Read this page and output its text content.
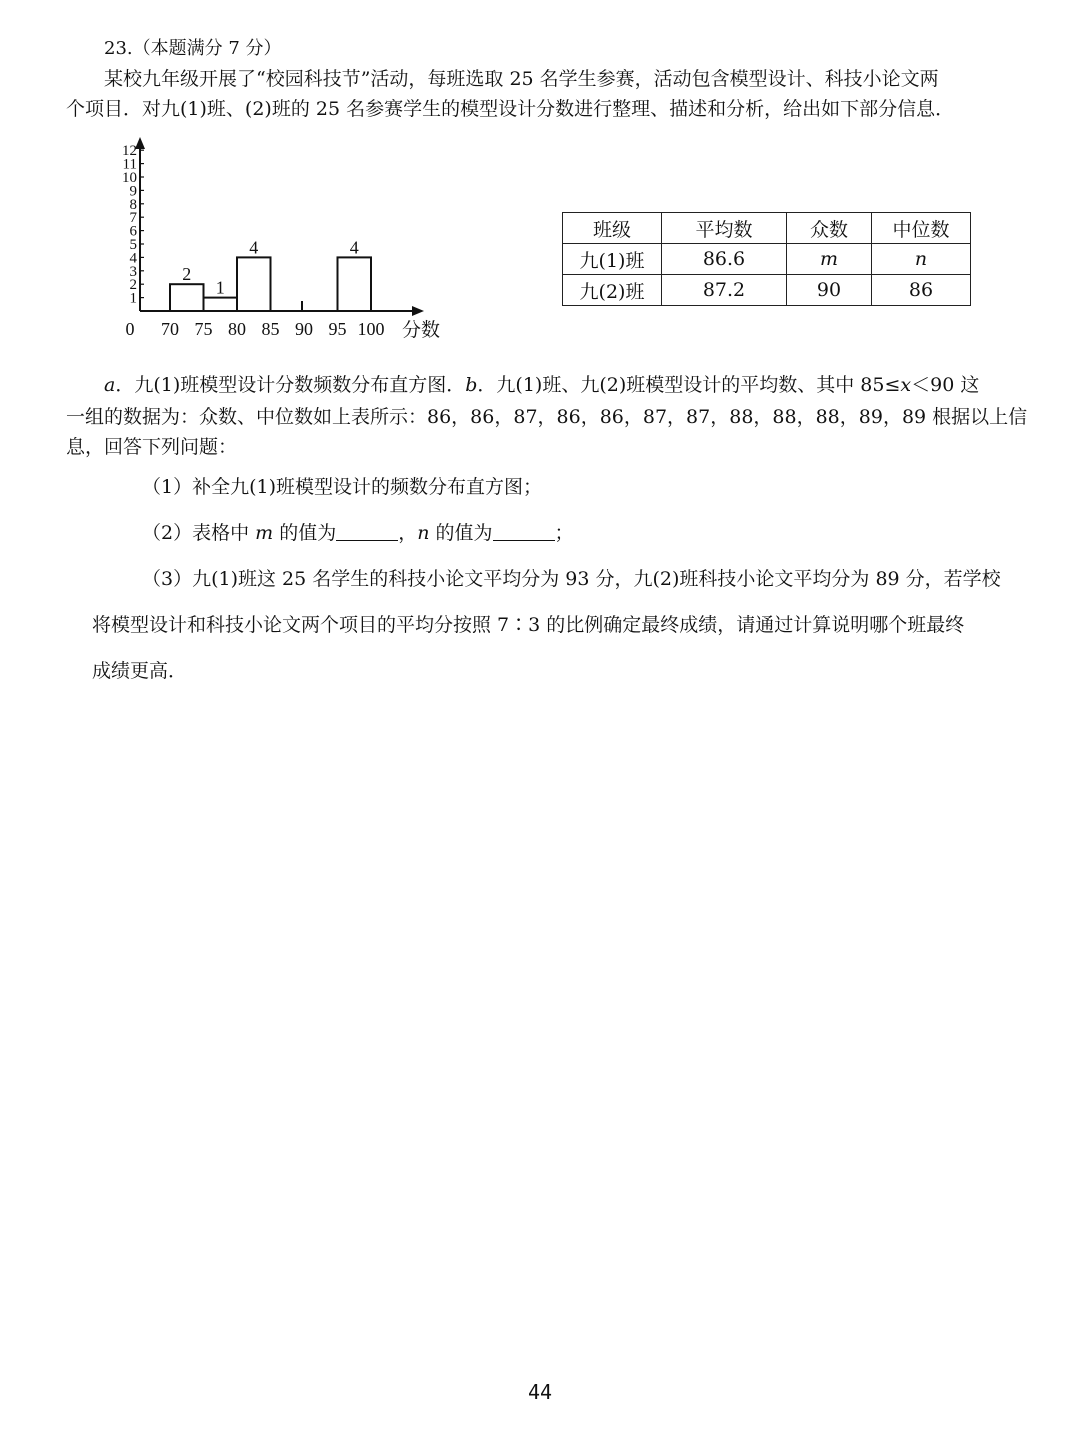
23.（本题满分 7 分）
某校九年级开展了“校园科技节”活动，每班选取 25 名学生参赛，活动包含模型设计、科技小论文两
个项目．对九(1)班、(2)班的 25 名参赛学生的模型设计分数进行整理、描述和分析，给出如下部分信息．
1
2
3
4
5
6
7
8
9
10
11
12
70 75 80 85 90 95 100
0	分数
2
1
4	4
班级	平均数	众数	中位数
九(1)班	86.6	m	n
九(2)班	87.2	90	86
a．九(1)班模型设计分数频数分布直方图．b．九(1)班、九(2)班模型设计的平均数、其中 85≤x＜90 这
一组的数据为：众数、中位数如上表所示：86，86，87，86，86，87，87，88，88，88，89，89 根据以上信
息，回答下列问题：
（1）补全九(1)班模型设计的频数分布直方图；
（2）表格中 m 的值为	，n 的值为	；
（3）九(1)班这 25 名学生的科技小论文平均分为 93 分，九(2)班科技小论文平均分为 89 分，若学校
将模型设计和科技小论文两个项目的平均分按照 7∶3 的比例确定最终成绩，请通过计算说明哪个班最终
成绩更高．
44
